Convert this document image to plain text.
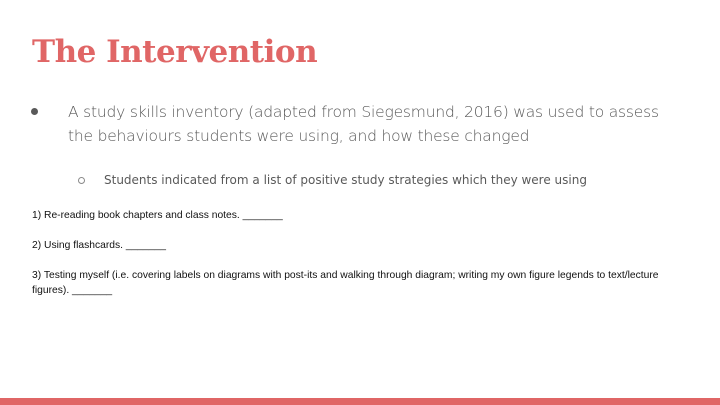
The Intervention
A study skills inventory (adapted from Siegesmund, 2016) was used to assess the behaviours students were using, and how these changed
Students indicated from a list of positive study strategies which they were using
1) Re-reading book chapters and class notes. _______
2) Using flashcards. _______
3) Testing myself (i.e. covering labels on diagrams with post-its and walking through diagram; writing my own figure legends to text/lecture figures). _______
